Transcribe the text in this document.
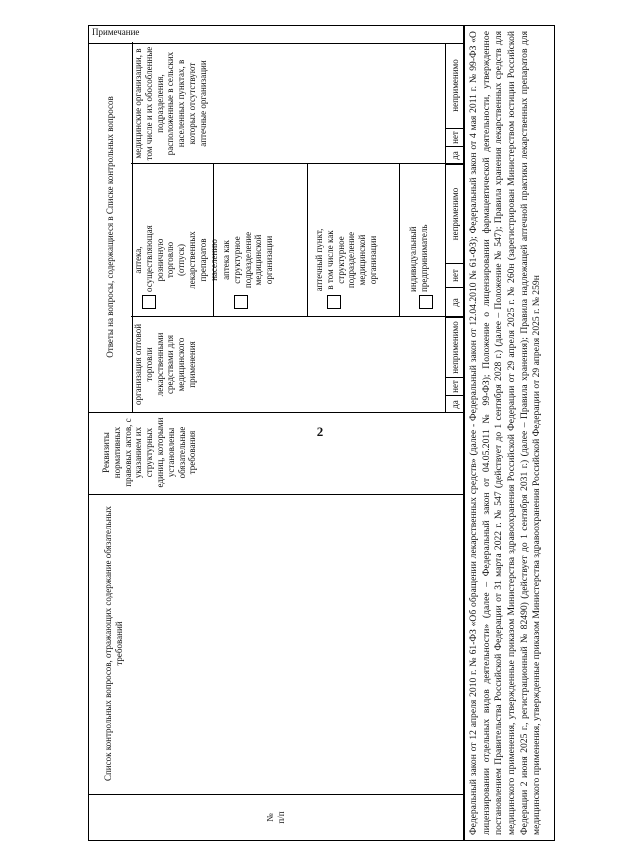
2
№
п/п
Список контрольных вопросов, отражающих содержание обязательных требований
Реквизиты нормативных правовых актов, с указанием их структурных единиц, которыми установлены обязательные требования
Ответы на вопросы, содержащиеся в Списке контрольных вопросов
Примечание
организация оптовой торговли лекарственными средствами для медицинского применения
аптека, осуществляющая розничную торговлю (отпуск) лекарственных препаратов населению аптека как структурное подразделение медицинской организации	аптечный пункт, в том числе как структурное подразделение медицинской организации	индивидуальный предприниматель
медицинские организации, в том числе и их обособленные подразделения, расположенные в сельских населенных пунктах, в которых отсутствуют аптечные организации
да
нет
неприменимо
да
нет
неприменимо
да
нет
неприменимо Федеральный закон от 12 апреля 2010 г. № 61-ФЗ «Об обращении лекарственных средств» (далее - Федеральный закон от 12.04.2010 № 61-ФЗ); Федеральный закон от 4 мая 2011 г. № 99-ФЗ «О лицензировании отдельных видов деятельности» (далее – Федеральный закон от 04.05.2011 № 99-ФЗ); Положение о лицензировании фармацевтической деятельности, утвержденное постановлением Правительства Российской Федерации от 31 марта 2022 г. № 547 (действует до 1 сентября 2028 г.) (далее – Положение № 547); Правила хранения лекарственных средств для медицинского применения, утвержденные приказом Министерства здравоохранения Российской Федерации от 29 апреля 2025 г. № 260н (зарегистрирован Министерством юстиции Российской Федерации 2 июня 2025 г., регистрационный № 82490) (действует до 1 сентября 2031 г.) (далее – Правила хранения); Правила надлежащей аптечной практики лекарственных препаратов для медицинского применения, утвержденные приказом Министерства здравоохранения Российской Федерации от 29 апреля 2025 г. № 259н
